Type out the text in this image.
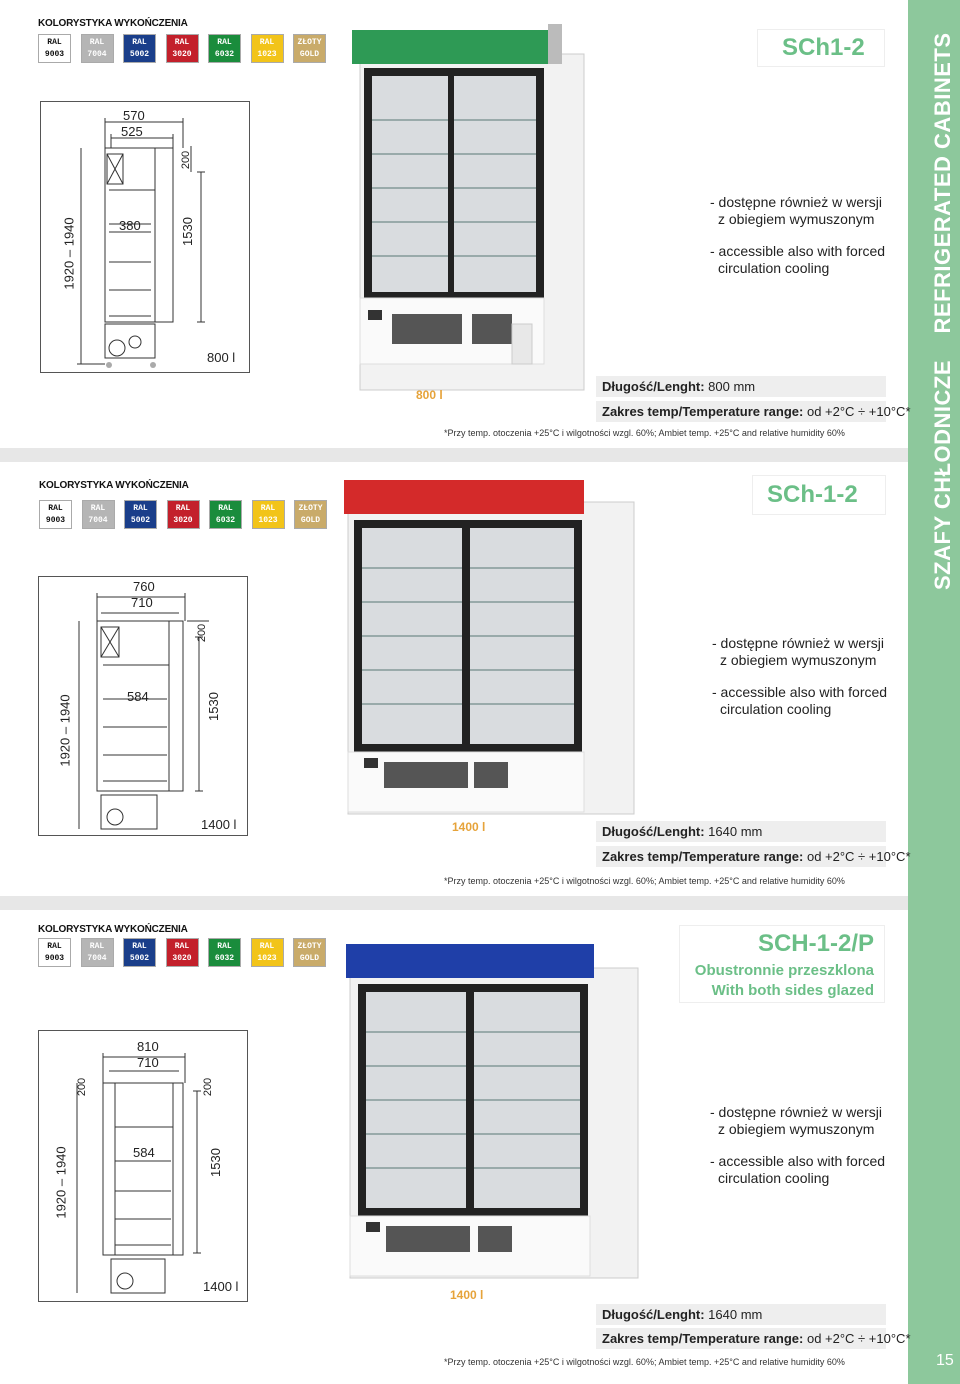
SZAFY CHŁODNICZE    REFRIGERATED CABINETS
15
KOLORYSTYKA WYKOŃCZENIA
RAL
9003
RAL
7004
RAL
5002
RAL
3020
RAL
6032
RAL
1023
ZŁOTY
GOLD
570
525
380
200
1530
1920 – 1940
800 l
800 l
SCh1-2
- dostępne również w wersji
z obiegiem wymuszonym
- accessible also with forced
circulation cooling
Długość/Lenght: 800 mm
Zakres temp/Temperature range: od +2°C ÷ +10°C*
*Przy temp. otoczenia +25°C i wilgotności wzgl. 60%; Ambiet temp. +25°C and relative humidity 60%
KOLORYSTYKA WYKOŃCZENIA
RAL
9003
RAL
7004
RAL
5002
RAL
3020
RAL
6032
RAL
1023
ZŁOTY
GOLD
760
710
584
200
1530
1920 – 1940
1400 l	1400 l
SCh-1-2
- dostępne również w wersji
z obiegiem wymuszonym
- accessible also with forced
circulation cooling
Długość/Lenght: 1640 mm
Zakres temp/Temperature range: od +2°C ÷ +10°C*
*Przy temp. otoczenia +25°C i wilgotności wzgl. 60%; Ambiet temp. +25°C and relative humidity 60%
KOLORYSTYKA WYKOŃCZENIA
RAL
9003
RAL
7004
RAL
5002
RAL
3020
RAL
6032
RAL
1023
ZŁOTY
GOLD
810
710
584
200	200
1530
1920 – 1940
1400 l
1400 l
SCH-1-2/P
Obustronnie przeszklona
With both sides glazed
- dostępne również w wersji
z obiegiem wymuszonym
- accessible also with forced
circulation cooling
Długość/Lenght: 1640 mm
Zakres temp/Temperature range: od +2°C ÷ +10°C*
*Przy temp. otoczenia +25°C i wilgotności wzgl. 60%; Ambiet temp. +25°C and relative humidity 60%
